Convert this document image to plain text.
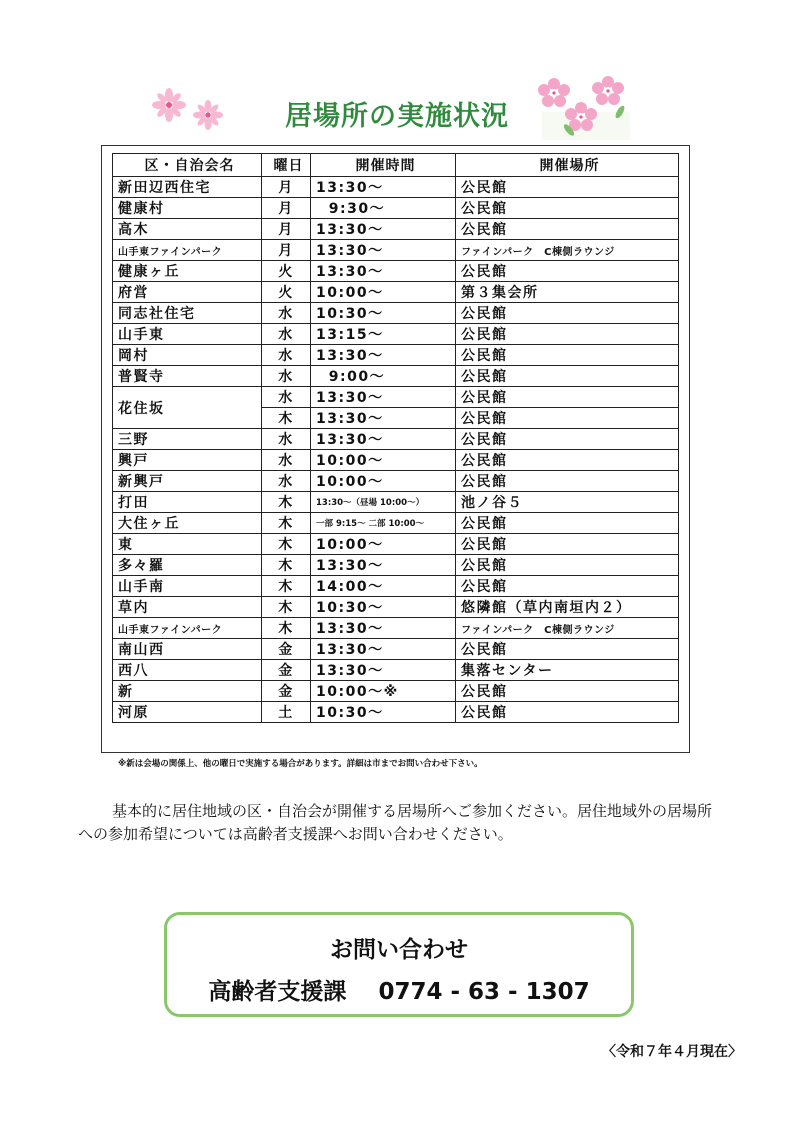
居場所の実施状況
区・自治会名	曜日	開催時間	開催場所
新田辺西住宅	月	13:30～	公民館
健康村	月	9:30～	公民館
高木	月	13:30～	公民館
山手東ファインパーク	月	13:30～	ファインパーク　C棟側ラウンジ
健康ヶ丘	火	13:30～	公民館
府営	火	10:00～	第３集会所
同志社住宅	水	10:30～	公民館
山手東	水	13:15～	公民館
岡村	水	13:30～	公民館
普賢寺	水	9:00～	公民館
花住坂	水	13:30～	公民館
	木	13:30～	公民館
三野	水	13:30～	公民館
興戸	水	10:00～	公民館
新興戸	水	10:00～	公民館
打田	木	13:30～（昼場 10:00～）	池ノ谷５
大住ヶ丘	木	一部 9:15～ 二部 10:00～	公民館
東	木	10:00～	公民館
多々羅	木	13:30～	公民館
山手南	木	14:00～	公民館
草内	木	10:30～	悠隣館（草内南垣内２）
山手東ファインパーク	木	13:30～	ファインパーク　C棟側ラウンジ
南山西	金	13:30～	公民館
西八	金	13:30～	集落センター
新	金	10:00～※	公民館
河原	土	10:30～	公民館
※新は会場の関係上、他の曜日で実施する場合があります。詳細は市までお問い合わせ下さい。
基本的に居住地域の区・自治会が開催する居場所へご参加ください。居住地域外の居場所への参加希望については高齢者支援課へお問い合わせください。
お問い合わせ
高齢者支援課 0774 - 63 - 1307
〈令和７年４月現在〉
